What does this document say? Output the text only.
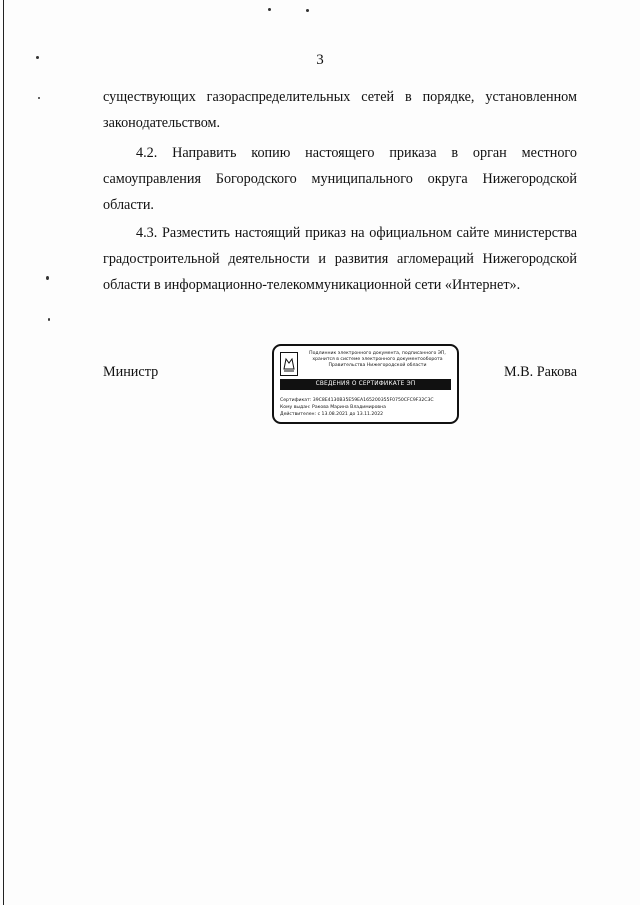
3
существующих газораспределительных сетей в порядке, установленном
законодательством.
4.2. Направить копию настоящего приказа в орган местного
самоуправления Богородского муниципального округа Нижегородской
области.
4.3. Разместить настоящий приказ на официальном сайте министерства
градостроительной деятельности и развития агломераций Нижегородской
области в информационно-телекоммуникационной сети «Интернет».
Министр	М.В. Ракова
Подлинник электронного документа, подписанного ЭП,
хранится в системе электронного документооборота
Правительства Нижегородской области
СВЕДЕНИЯ О СЕРТИФИКАТЕ ЭП
Сертификат: 39C8E4130B35E59EA165200355F0750CFC9F32C3C
Кому выдан: Ракова Марина Владимировна
Действителен: с 13.08.2021 до 13.11.2022
